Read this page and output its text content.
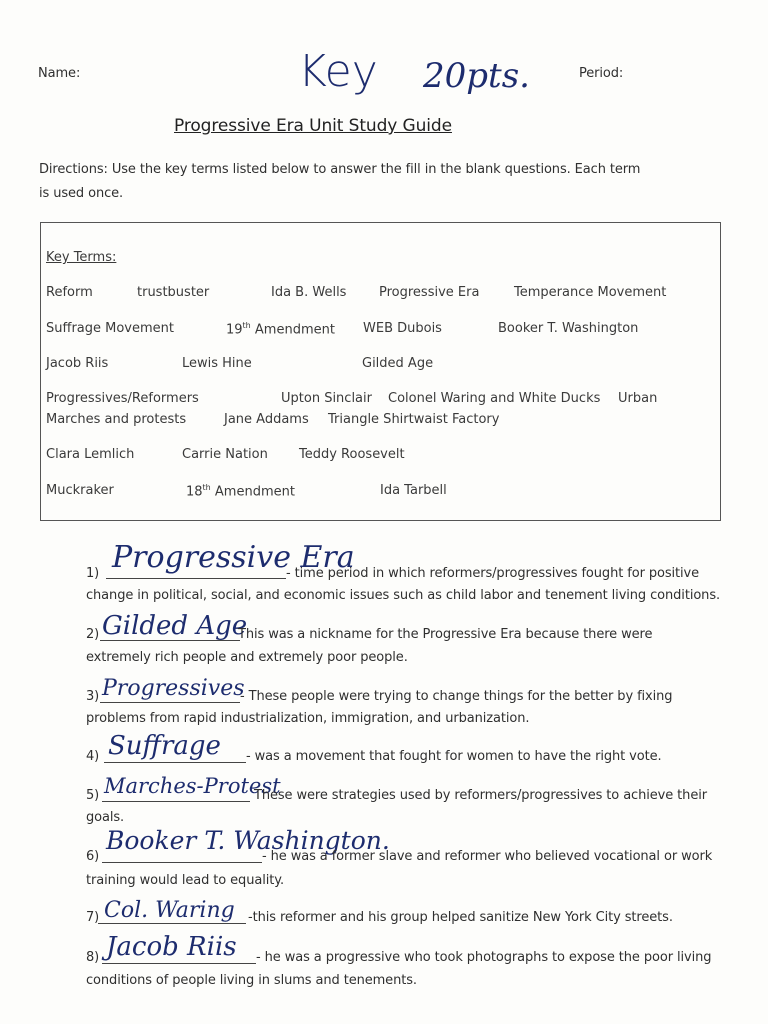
Name:	Key 20pts.	Period:
Progressive Era Unit Study Guide
Directions: Use the key terms listed below to answer the fill in the blank questions. Each term
is used once.
Key Terms:
Reform	trustbuster	Ida B. Wells	Progressive Era	Temperance Movement
Suffrage Movement	19th Amendment WEB Dubois	Booker T. Washington
Jacob Riis	Lewis Hine	Gilded Age
Progressives/Reformers	Upton Sinclair Colonel Waring and White Ducks Urban
Marches and protests	Jane Addams Triangle Shirtwaist Factory
Clara Lemlich	Carrie Nation Teddy Roosevelt
Muckraker	18th Amendment	Ida Tarbell
1) Progressive Era
- time period in which reformers/progressives fought for positive
change in political, social, and economic issues such as child labor and tenement living conditions.
2) Gilded Age
This was a nickname for the Progressive Era because there were
extremely rich people and extremely poor people.
3) Progressives
- These people were trying to change things for the better by fixing
problems from rapid industrialization, immigration, and urbanization.
4) Suffrage - was a movement that fought for women to have the right vote.
5) Marches-Protest
These were strategies used by reformers/progressives to achieve their
goals.
6)
Booker T. Washington.
- he was a former slave and reformer who believed vocational or work
training would lead to equality.
7) Col. Waring -this reformer and his group helped sanitize New York City streets.
8) Jacob Riis - he was a progressive who took photographs to expose the poor living
conditions of people living in slums and tenements.
